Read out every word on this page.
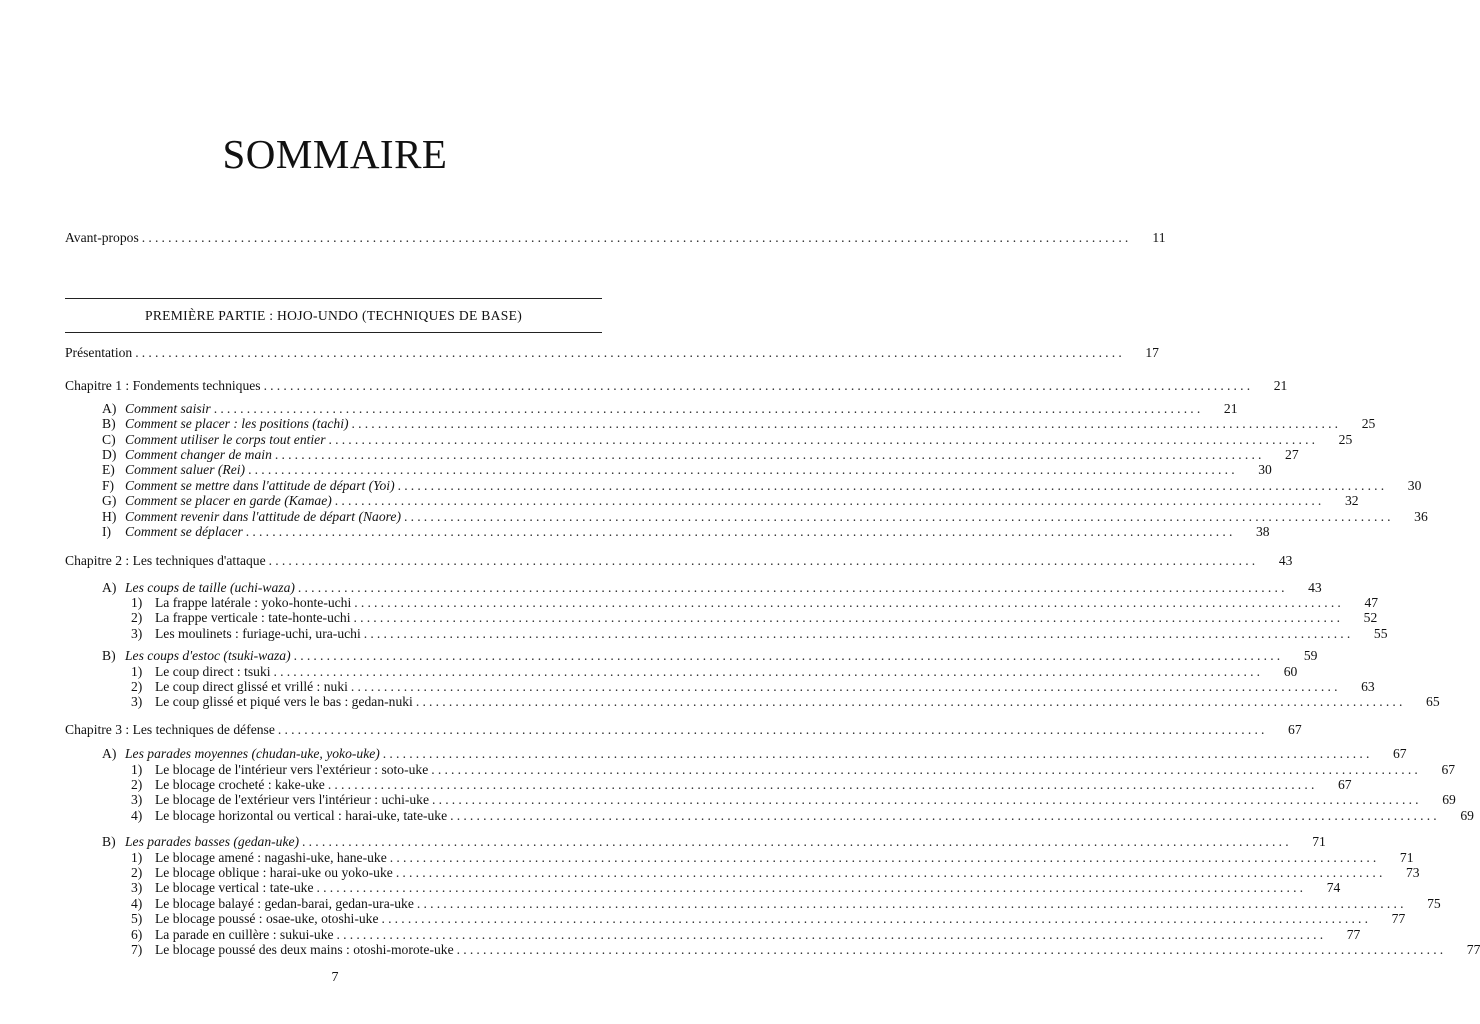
SOMMAIRE
Avant-propos ......................................................................................................................................................	11
PREMIÈRE PARTIE : HOJO-UNDO (TECHNIQUES DE BASE)
Présentation ......................................................................................................................................................	17
Chapitre 1 : Fondements techniques ......................................................................................................................................................	21
A) Comment saisir ......................................................................................................................................................	21
B) Comment se placer : les positions (tachi) ......................................................................................................................................................	25
C) Comment utiliser le corps tout entier ......................................................................................................................................................	25
D) Comment changer de main ......................................................................................................................................................	27
E) Comment saluer (Rei) ......................................................................................................................................................	30
F) Comment se mettre dans l'attitude de départ (Yoi) ......................................................................................................................................................	30
G) Comment se placer en garde (Kamae) ......................................................................................................................................................	32
H) Comment revenir dans l'attitude de départ (Naore) ......................................................................................................................................................	36
I)	Comment se déplacer ......................................................................................................................................................	38
Chapitre 2 : Les techniques d'attaque ......................................................................................................................................................	43
A) Les coups de taille (uchi-waza) ......................................................................................................................................................	43
1) La frappe latérale : yoko-honte-uchi ......................................................................................................................................................	47
2) La frappe verticale : tate-honte-uchi ......................................................................................................................................................	52
3) Les moulinets : furiage-uchi, ura-uchi ......................................................................................................................................................	55
B) Les coups d'estoc (tsuki-waza) ......................................................................................................................................................	59
1) Le coup direct : tsuki ......................................................................................................................................................	60
2) Le coup direct glissé et vrillé : nuki ......................................................................................................................................................	63
3) Le coup glissé et piqué vers le bas : gedan-nuki ......................................................................................................................................................	65
Chapitre 3 : Les techniques de défense ......................................................................................................................................................	67
A) Les parades moyennes (chudan-uke, yoko-uke) ......................................................................................................................................................	67
1) Le blocage de l'intérieur vers l'extérieur : soto-uke ......................................................................................................................................................	67
2) Le blocage crocheté : kake-uke ......................................................................................................................................................	67
3) Le blocage de l'extérieur vers l'intérieur : uchi-uke ......................................................................................................................................................	69
4) Le blocage horizontal ou vertical : harai-uke, tate-uke ......................................................................................................................................................	69
B) Les parades basses (gedan-uke) ......................................................................................................................................................	71
1) Le blocage amené : nagashi-uke, hane-uke ......................................................................................................................................................	71
2) Le blocage oblique : harai-uke ou yoko-uke ......................................................................................................................................................	73
3) Le blocage vertical : tate-uke ......................................................................................................................................................	74
4) Le blocage balayé : gedan-barai, gedan-ura-uke ......................................................................................................................................................	75
5) Le blocage poussé : osae-uke, otoshi-uke ......................................................................................................................................................	77
6) La parade en cuillère : sukui-uke ......................................................................................................................................................	77
7) Le blocage poussé des deux mains : otoshi-morote-uke ......................................................................................................................................................	77
7
